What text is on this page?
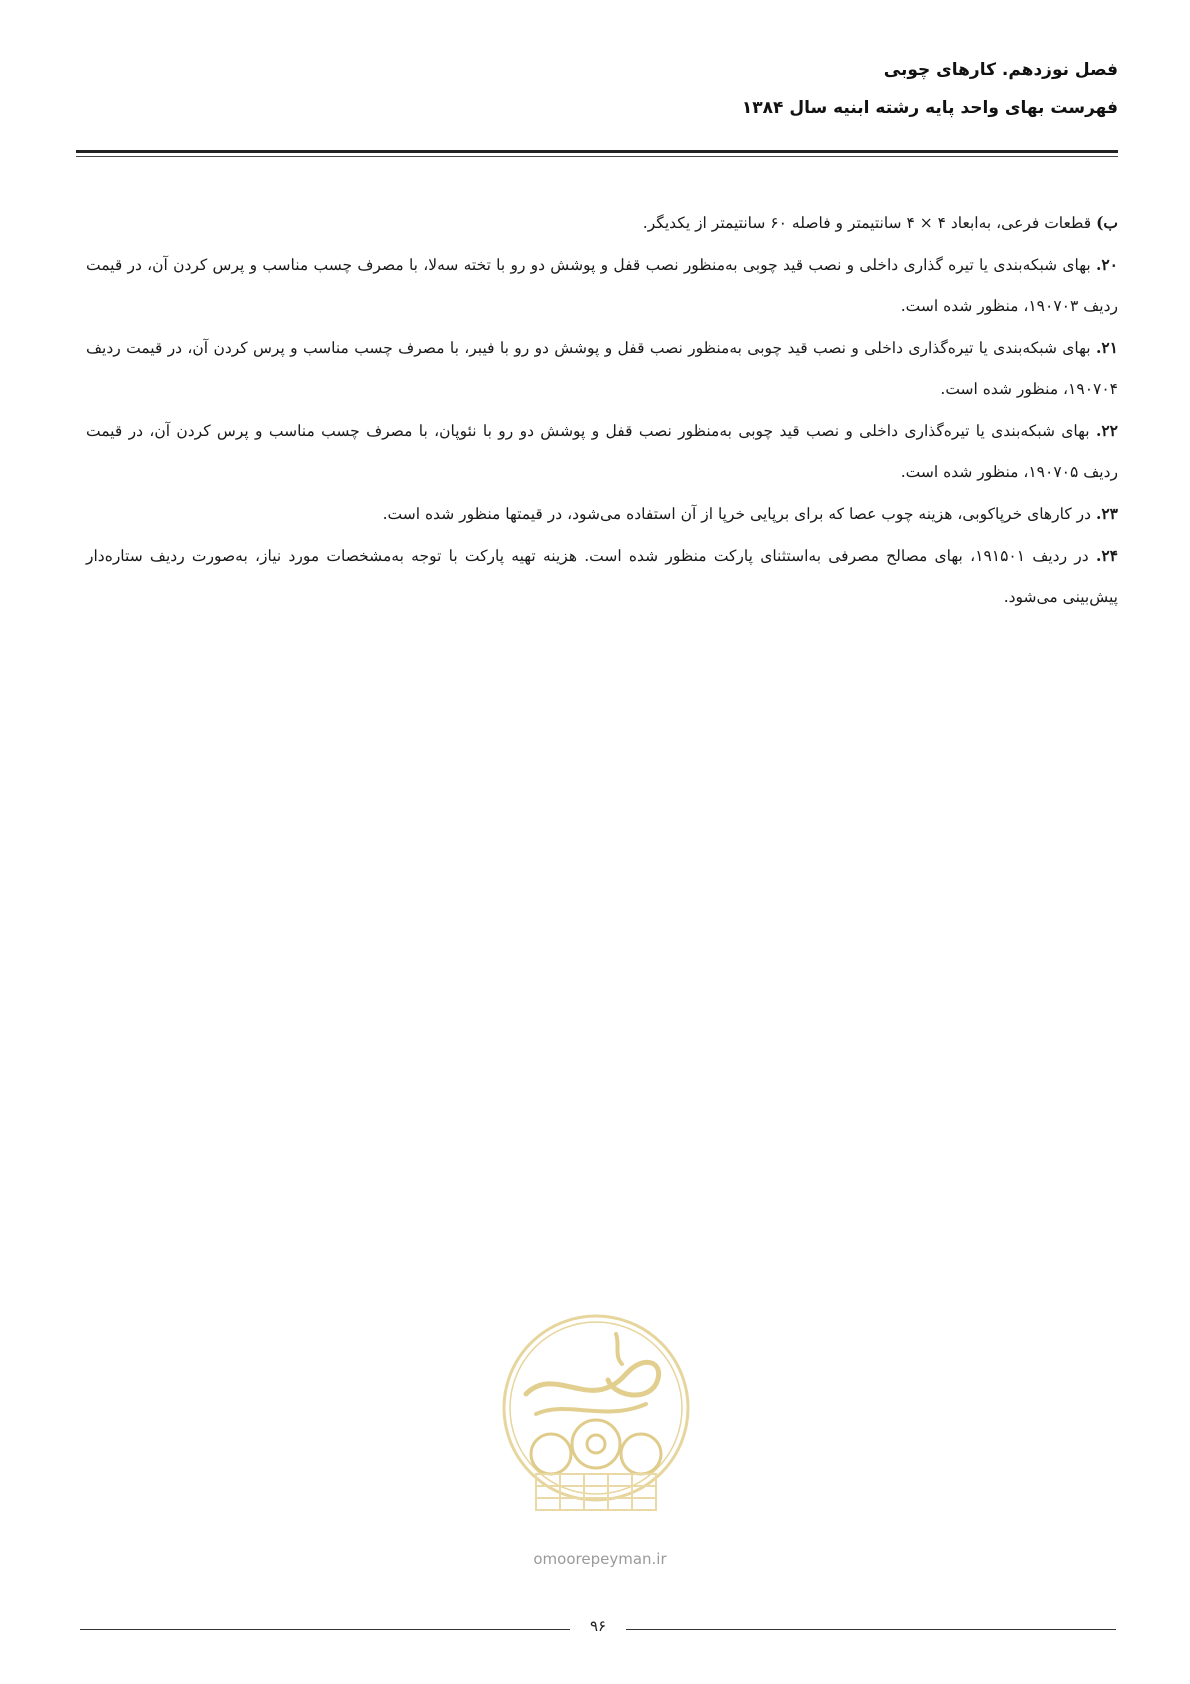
فصل نوزدهم. کارهای چوبی
فهرست بهای واحد پایه رشته ابنیه سال ۱۳۸۴

ب) قطعات فرعی، به‌ابعاد ۴ × ۴ سانتیمتر و فاصله ۶۰ سانتیمتر از یکدیگر.

۲۰. بهای شبکه‌بندی یا تیره گذاری داخلی و نصب قید چوبی به‌منظور نصب قفل و پوشش دو رو با تخته سه‌لا، با مصرف چسب مناسب و پرس کردن آن، در قیمت ردیف ۱۹۰۷۰۳، منظور شده است.

۲۱. بهای شبکه‌بندی یا تیره‌گذاری داخلی و نصب قید چوبی به‌منظور نصب قفل و پوشش دو رو با فیبر، با مصرف چسب مناسب و پرس کردن آن، در قیمت ردیف ۱۹۰۷۰۴، منظور شده است.

۲۲. بهای شبکه‌بندی یا تیره‌گذاری داخلی و نصب قید چوبی به‌منظور نصب قفل و پوشش دو رو با نئوپان، با مصرف چسب مناسب و پرس کردن آن، در قیمت ردیف ۱۹۰۷۰۵، منظور شده است.

۲۳. در کارهای خرپاکوبی، هزینه چوب عصا که برای برپایی خرپا از آن استفاده می‌شود، در قیمتها منظور شده است.

۲۴. در ردیف ۱۹۱۵۰۱، بهای مصالح مصرفی به‌استثنای پارکت منظور شده است. هزینه تهیه پارکت با توجه به‌مشخصات مورد نیاز، به‌صورت ردیف ستاره‌دار پیش‌بینی می‌شود.

omoorepeyman.ir
۹۶
